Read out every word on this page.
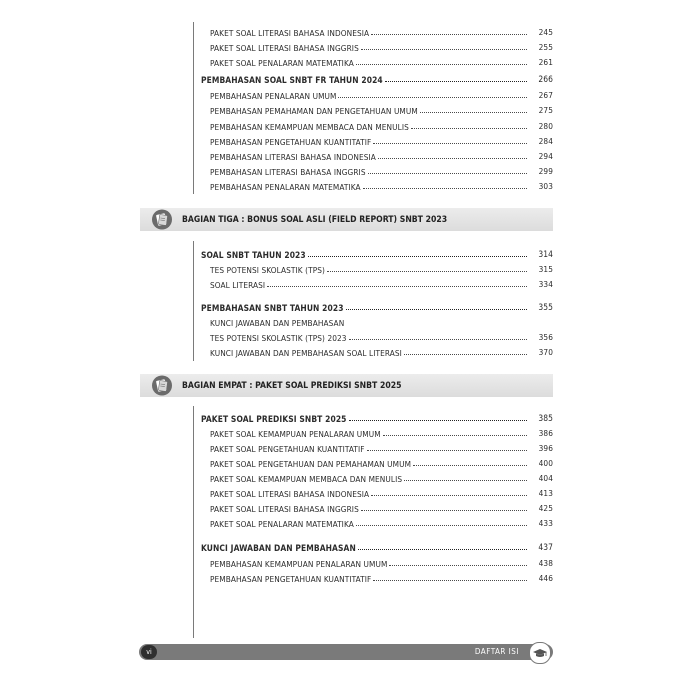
PAKET SOAL LITERASI BAHASA INDONESIA	245
PAKET SOAL LITERASI BAHASA INGGRIS	255
PAKET SOAL PENALARAN MATEMATIKA	261
PEMBAHASAN SOAL SNBT FR TAHUN 2024	266
PEMBAHASAN PENALARAN UMUM	267
PEMBAHASAN PEMAHAMAN DAN PENGETAHUAN UMUM	275
PEMBAHASAN KEMAMPUAN MEMBACA DAN MENULIS	280
PEMBAHASAN PENGETAHUAN KUANTITATIF	284
PEMBAHASAN LITERASI BAHASA INDONESIA	294
PEMBAHASAN LITERASI BAHASA INGGRIS	299
PEMBAHASAN PENALARAN MATEMATIKA	303
BAGIAN TIGA : BONUS SOAL ASLI (FIELD REPORT) SNBT 2023
SOAL SNBT TAHUN 2023	314
TES POTENSI SKOLASTIK (TPS)	315
SOAL LITERASI	334
PEMBAHASAN SNBT TAHUN 2023	355
KUNCI JAWABAN DAN PEMBAHASAN
TES POTENSI SKOLASTIK (TPS) 2023	356
KUNCI JAWABAN DAN PEMBAHASAN SOAL LITERASI	370
BAGIAN EMPAT : PAKET SOAL PREDIKSI SNBT 2025
PAKET SOAL PREDIKSI SNBT 2025	385
PAKET SOAL KEMAMPUAN PENALARAN UMUM	386
PAKET SOAL PENGETAHUAN KUANTITATIF	396
PAKET SOAL PENGETAHUAN DAN PEMAHAMAN UMUM	400
PAKET SOAL KEMAMPUAN MEMBACA DAN MENULIS	404
PAKET SOAL LITERASI BAHASA INDONESIA	413
PAKET SOAL LITERASI BAHASA INGGRIS	425
PAKET SOAL PENALARAN MATEMATIKA	433
KUNCI JAWABAN DAN PEMBAHASAN	437
PEMBAHASAN KEMAMPUAN PENALARAN UMUM	438
PEMBAHASAN PENGETAHUAN KUANTITATIF	446
vi	DAFTAR ISI
